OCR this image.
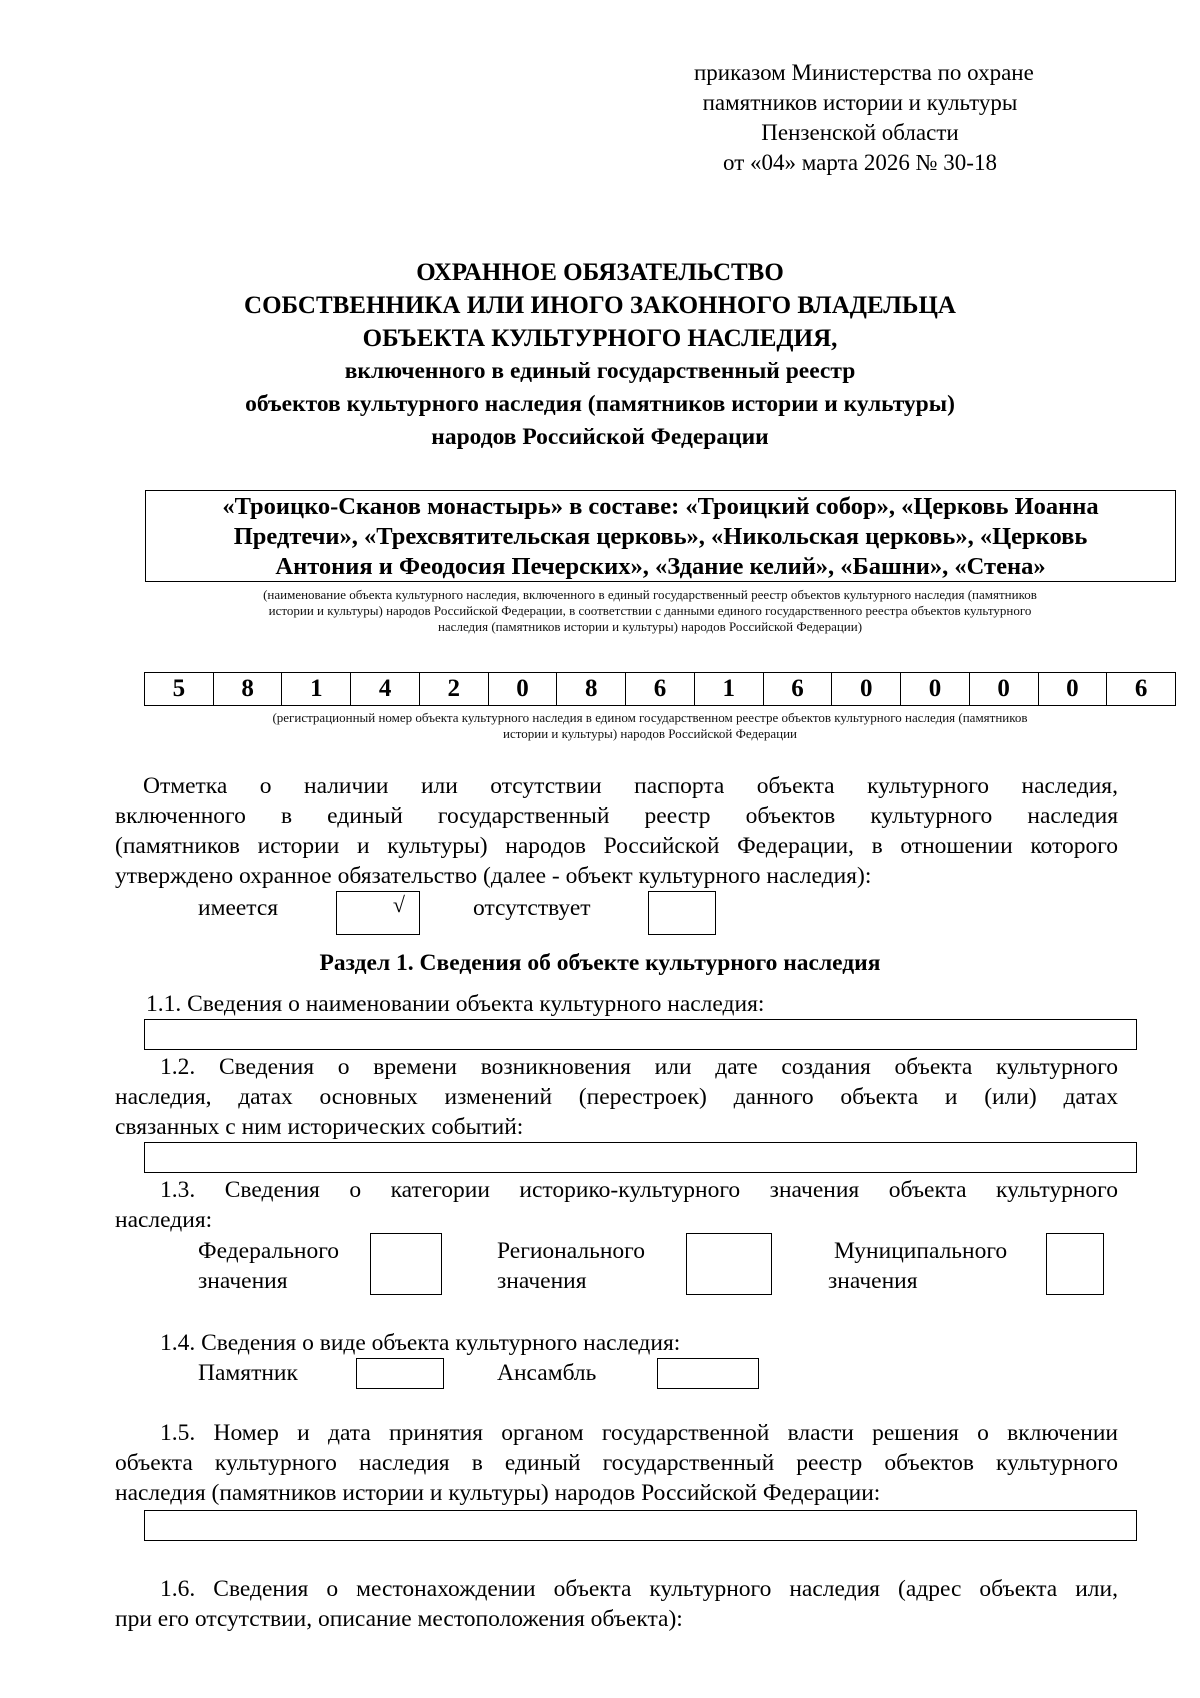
приказом Министерства по охране
памятников истории и культуры
Пензенской области
от «04» марта 2026 № 30-18
ОХРАННОЕ ОБЯЗАТЕЛЬСТВО
СОБСТВЕННИКА ИЛИ ИНОГО ЗАКОННОГО ВЛАДЕЛЬЦА
ОБЪЕКТА КУЛЬТУРНОГО НАСЛЕДИЯ,
включенного в единый государственный реестр
объектов культурного наследия (памятников истории и культуры)
народов Российской Федерации
«Троицко-Сканов монастырь» в составе: «Троицкий собор», «Церковь Иоанна
Предтечи», «Трехсвятительская церковь», «Никольская церковь», «Церковь
Антония и Феодосия Печерских», «Здание келий», «Башни», «Стена»
(наименование объекта культурного наследия, включенного в единый государственный реестр объектов культурного наследия (памятников
истории и культуры) народов Российской Федерации, в соответствии с данными единого государственного реестра объектов культурного
наследия (памятников истории и культуры) народов Российской Федерации)
5	8	1	4	2	0	8	6	1	6	0	0	0	0	6
(регистрационный номер объекта культурного наследия в едином государственном реестре объектов культурного наследия (памятников
истории и культуры) народов Российской Федерации
Отметка о наличии или отсутствии паспорта объекта культурного наследия,
включенного в единый государственный реестр объектов культурного наследия
(памятников истории и культуры) народов Российской Федерации, в отношении которого
утверждено охранное обязательство (далее - объект культурного наследия):
имеется	√	отсутствует
Раздел 1. Сведения об объекте культурного наследия
1.1. Сведения о наименовании объекта культурного наследия:
1.2. Сведения о времени возникновения или дате создания объекта культурного
наследия, датах основных изменений (перестроек) данного объекта и (или) датах
связанных с ним исторических событий:
1.3. Сведения о категории историко-культурного значения объекта культурного
наследия:
Федерального
значения
Регионального
значения
Муниципального
значения
1.4. Сведения о виде объекта культурного наследия:
Памятник	Ансамбль
1.5. Номер и дата принятия органом государственной власти решения о включении
объекта культурного наследия в единый государственный реестр объектов культурного
наследия (памятников истории и культуры) народов Российской Федерации:
1.6. Сведения о местонахождении объекта культурного наследия (адрес объекта или,
при его отсутствии, описание местоположения объекта):
